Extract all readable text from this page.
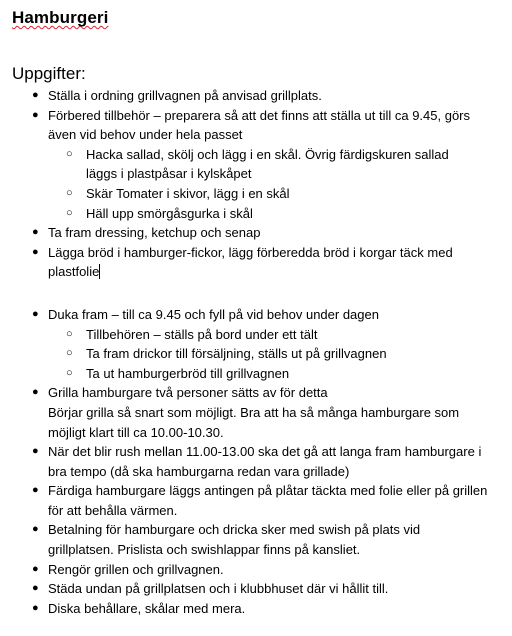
Hamburgeri
Uppgifter:
● Ställa i ordning grillvagnen på anvisad grillplats.
● Förbered tillbehör – preparera så att det finns att ställa ut till ca 9.45, görs även vid behov under hela passet
○ Hacka sallad, skölj och lägg i en skål. Övrig färdigskuren sallad läggs i plastpåsar i kylskåpet
○ Skär Tomater i skivor, lägg i en skål
○ Häll upp smörgåsgurka i skål
● Ta fram dressing, ketchup och senap
● Lägga bröd i hamburger-fickor, lägg förberedda bröd i korgar täck med plastfolie
● Duka fram – till ca 9.45 och fyll på vid behov under dagen
○ Tillbehören – ställs på bord under ett tält
○ Ta fram drickor till försäljning, ställs ut på grillvagnen
○ Ta ut hamburgerbröd till grillvagnen
● Grilla hamburgare två personer sätts av för detta
Börjar grilla så snart som möjligt. Bra att ha så många hamburgare som möjligt klart till ca 10.00-10.30.
● När det blir rush mellan 11.00-13.00 ska det gå att langa fram hamburgare i bra tempo (då ska hamburgarna redan vara grillade)
● Färdiga hamburgare läggs antingen på plåtar täckta med folie eller på grillen för att behålla värmen.
● Betalning för hamburgare och dricka sker med swish på plats vid grillplatsen. Prislista och swishlappar finns på kansliet.
● Rengör grillen och grillvagnen.
● Städa undan på grillplatsen och i klubbhuset där vi hållit till.
● Diska behållare, skålar med mera.
